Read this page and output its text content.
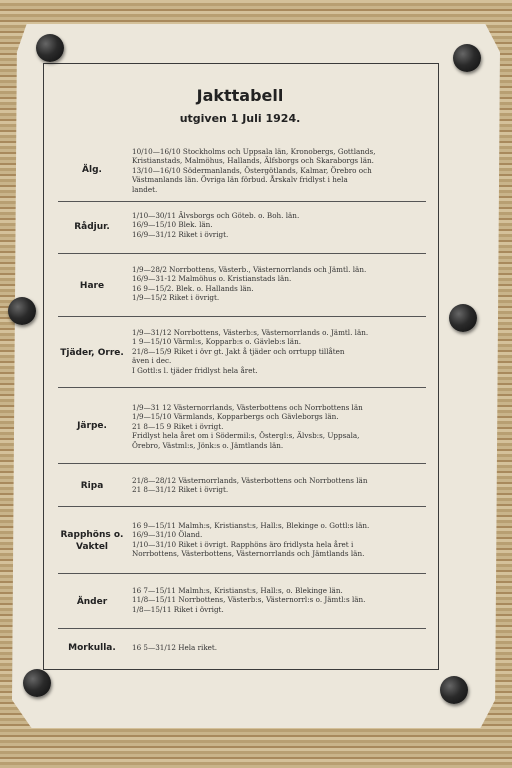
Jakttabell
utgiven 1 Juli 1924.
Älg.
10/10—16/10 Stockholms och Uppsala län, Kronobergs, Gottlands,
Kristianstads, Malmöhus, Hallands, Älfsborgs och Skaraborgs län.
13/10—16/10 Södermanlands, Östergötlands, Kalmar, Örebro och
Västmanlands län. Övriga län förbud. Årskalv fridlyst i hela
landet.
Rådjur.
1/10—30/11 Älvsborgs och Göteb. o. Boh. län.
16/9—15/10 Blek. län.
16/9—31/12 Riket i övrigt.
Hare
1/9—28/2 Norrbottens, Västerb., Västernorrlands och Jämtl. län.
16/9—31-12 Malmöhus o. Kristianstads län.
16 9—15/2. Blek. o. Hallands län.
1/9—15/2 Riket i övrigt.
Tjäder, Orre.
1/9—31/12 Norrbottens, Västerb:s, Västernorrlands o. Jämtl. län.
1 9—15/10 Värml:s, Kopparb:s o. Gävleb:s län.
21/8—15/9 Riket i övr gt. Jakt å tjäder och orrtupp tillåten
även i dec.
I Gottl:s l. tjäder fridlyst hela året.
Järpe.
1/9—31 12 Västernorrlands, Västerbottens och Norrbottens län
1/9—15/10 Värmlands, Kopparbergs och Gävleborgs län.
21 8—15 9 Riket i övrigt.
Fridlyst hela året om i Södermil:s, Östergl:s, Älvsb:s, Uppsala,
Örebro, Västml:s, Jönk:s o. Jämtlands län.
Ripa
21/8—28/12 Västernorrlands, Västerbottens och Norrbottens län
21 8—31/12 Riket i övrigt.
Rapphöns o. Vaktel
16 9—15/11 Malmh:s, Kristianst:s, Hall:s, Blekinge o. Gottl:s län.
16/9—31/10 Öland.
1/10—31/10 Riket i övrigt. Rapphöns äro fridlysta hela året i
Norrbottens, Västerbottens, Västernorrlands och Jämtlands län.
Änder
16 7—15/11 Malmh:s, Kristianst:s, Hall:s, o. Blekinge län.
11/8—15/11 Norrbottens, Västerb:s, Västernorrl:s o. Jämtl:s län.
1/8—15/11 Riket i övrigt.
Morkulla.	16 5—31/12 Hela riket.
